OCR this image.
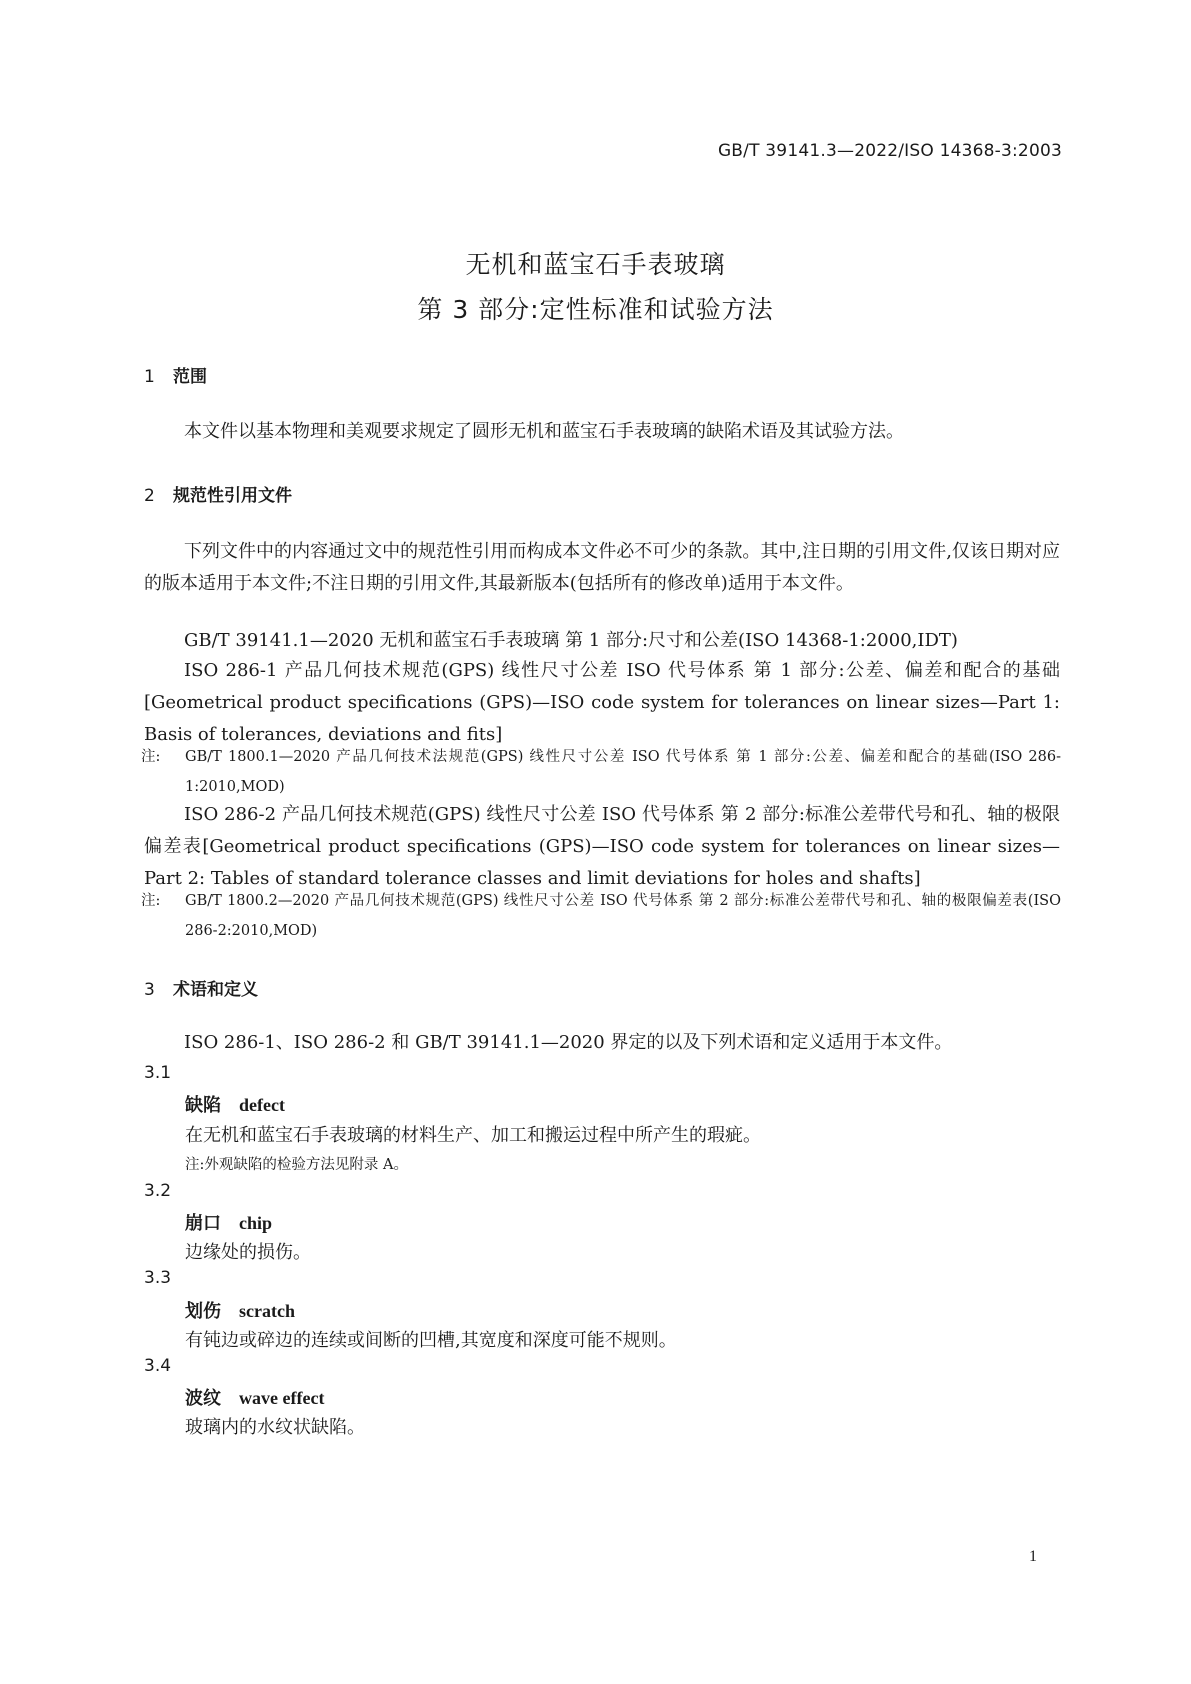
GB/T 39141.3—2022/ISO 14368-3:2003
无机和蓝宝石手表玻璃
第 3 部分:定性标准和试验方法
1 范围
本文件以基本物理和美观要求规定了圆形无机和蓝宝石手表玻璃的缺陷术语及其试验方法。
2 规范性引用文件
下列文件中的内容通过文中的规范性引用而构成本文件必不可少的条款。其中,注日期的引用文件,仅该日期对应的版本适用于本文件;不注日期的引用文件,其最新版本(包括所有的修改单)适用于本文件。
GB/T 39141.1—2020 无机和蓝宝石手表玻璃 第 1 部分:尺寸和公差(ISO 14368-1:2000,IDT)
ISO 286-1 产品几何技术规范(GPS) 线性尺寸公差 ISO 代号体系 第 1 部分:公差、偏差和配合的基础[Geometrical product specifications (GPS)—ISO code system for tolerances on linear sizes—Part 1: Basis of tolerances, deviations and fits]
注: GB/T 1800.1—2020 产品几何技术法规范(GPS) 线性尺寸公差 ISO 代号体系 第 1 部分:公差、偏差和配合的基础(ISO 286-1:2010,MOD)
ISO 286-2 产品几何技术规范(GPS) 线性尺寸公差 ISO 代号体系 第 2 部分:标准公差带代号和孔、轴的极限偏差表[Geometrical product specifications (GPS)—ISO code system for tolerances on linear sizes—Part 2: Tables of standard tolerance classes and limit deviations for holes and shafts]
注: GB/T 1800.2—2020 产品几何技术规范(GPS) 线性尺寸公差 ISO 代号体系 第 2 部分:标准公差带代号和孔、轴的极限偏差表(ISO 286-2:2010,MOD)
3 术语和定义
ISO 286-1、ISO 286-2 和 GB/T 39141.1—2020 界定的以及下列术语和定义适用于本文件。
3.1
缺陷 defect
在无机和蓝宝石手表玻璃的材料生产、加工和搬运过程中所产生的瑕疵。
注:外观缺陷的检验方法见附录 A。
3.2
崩口 chip
边缘处的损伤。
3.3
划伤 scratch
有钝边或碎边的连续或间断的凹槽,其宽度和深度可能不规则。
3.4
波纹 wave effect
玻璃内的水纹状缺陷。
1
